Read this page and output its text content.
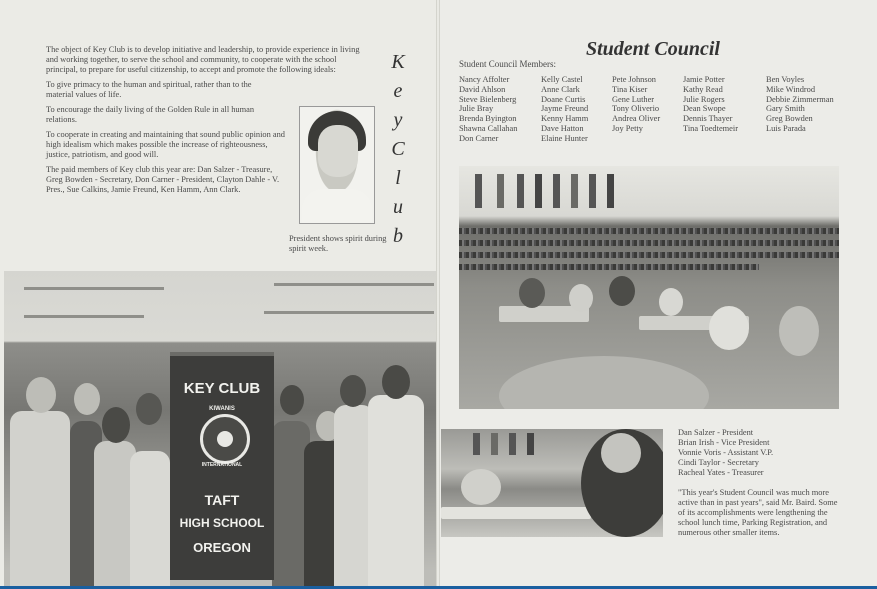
The object of Key Club is to develop initiative and leadership, to provide experience in living and working together, to serve the school and community, to cooperate with the school principal, to prepare for useful citizenship, to accept and promote the following ideals:

To give primacy to the human and spiritual, rather than to the material values of life.

To encourage the daily living of the Golden Rule in all human relations.

To cooperate in creating and maintaining that sound public opinion and high idealism which makes possible the increase of righteousness, justice, patriotism, and good will.

The paid members of Key club this year are: Dan Salzer - Treasure, Greg Bowden - Secretary, Don Carner - President, Clayton Dahle - V. Pres., Sue Calkins, Jamie Freund, Ken Hamm, Ann Clark.

K
e
y
C
l
u
b
President shows spirit during spirit week.
KEY CLUB
KIWANIS
INTERNATIONAL
TAFT
HIGH SCHOOL
OREGON
Student Council
Student Council Members:
Nancy Affolter
David Ahlson
Steve Bielenberg
Julie Bray
Brenda Byington
Shawna Callahan
Don Carner
Kelly Castel
Anne Clark
Doane Curtis
Jayme Freund
Kenny Hamm
Dave Hatton
Elaine Hunter
Pete Johnson
Tina Kiser
Gene Luther
Tony Oliverio
Andrea Oliver
Joy Petty
Jamie Potter
Kathy Read
Julie Rogers
Dean Swope
Dennis Thayer
Tina Toedtemeir
Ben Voyles
Mike Windrod
Debbie Zimmerman
Gary Smith
Greg Bowden
Luis Parada
Dan Salzer - President
Brian Irish - Vice President
Vonnie Voris - Assistant V.P.
Cindi Taylor - Secretary
Racheal Yates - Treasurer
"This year's Student Council was much more active than in past years", said Mr. Baird. Some of its accomplishments were lengthening the school lunch time, Parking Registration, and numerous other smaller items.
